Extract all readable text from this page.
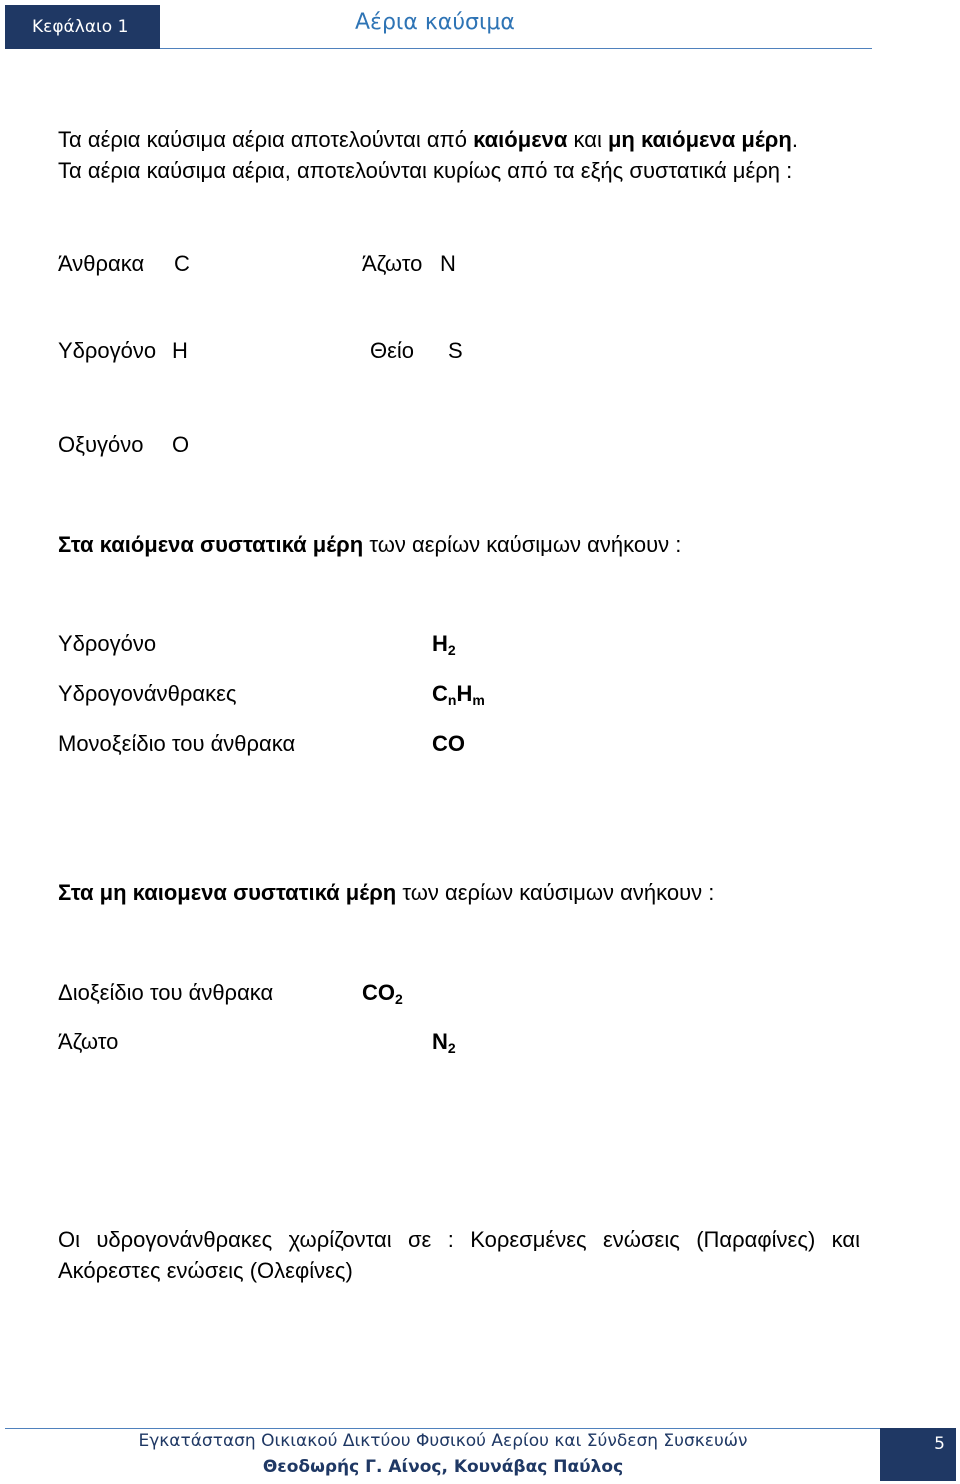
Κεφάλαιο 1	Αέρια καύσιμα
Τα αέρια καύσιμα αέρια αποτελούνται από καιόμενα και μη καιόμενα μέρη.
Τα αέρια καύσιμα αέρια, αποτελούνται κυρίως από τα εξής συστατικά μέρη :
Άνθρακα C	Άζωτο N
Υδρογόνο H	Θείο S
Οξυγόνο O
Στα καιόμενα συστατικά μέρη των αερίων καύσιμων ανήκουν :
Υδρογόνο	$H_2$
Υδρογονάνθρακες	$C_nH_m$
Μονοξείδιο του άνθρακα	CO
Στα μη καιομενα συστατικά μέρη των αερίων καύσιμων ανήκουν :
Διοξείδιο του άνθρακα	$CO_2$
Άζωτο	$N_2$
Οι υδρογονάνθρακες χωρίζονται σε : Κορεσμένες ενώσεις (Παραφίνες) και
Ακόρεστες ενώσεις (Ολεφίνες)
Εγκατάσταση Οικιακού Δικτύου Φυσικού Αερίου και Σύνδεση Συσκευών
Θεοδωρής Γ. Αίνος, Κουνάβας Παύλος
5
